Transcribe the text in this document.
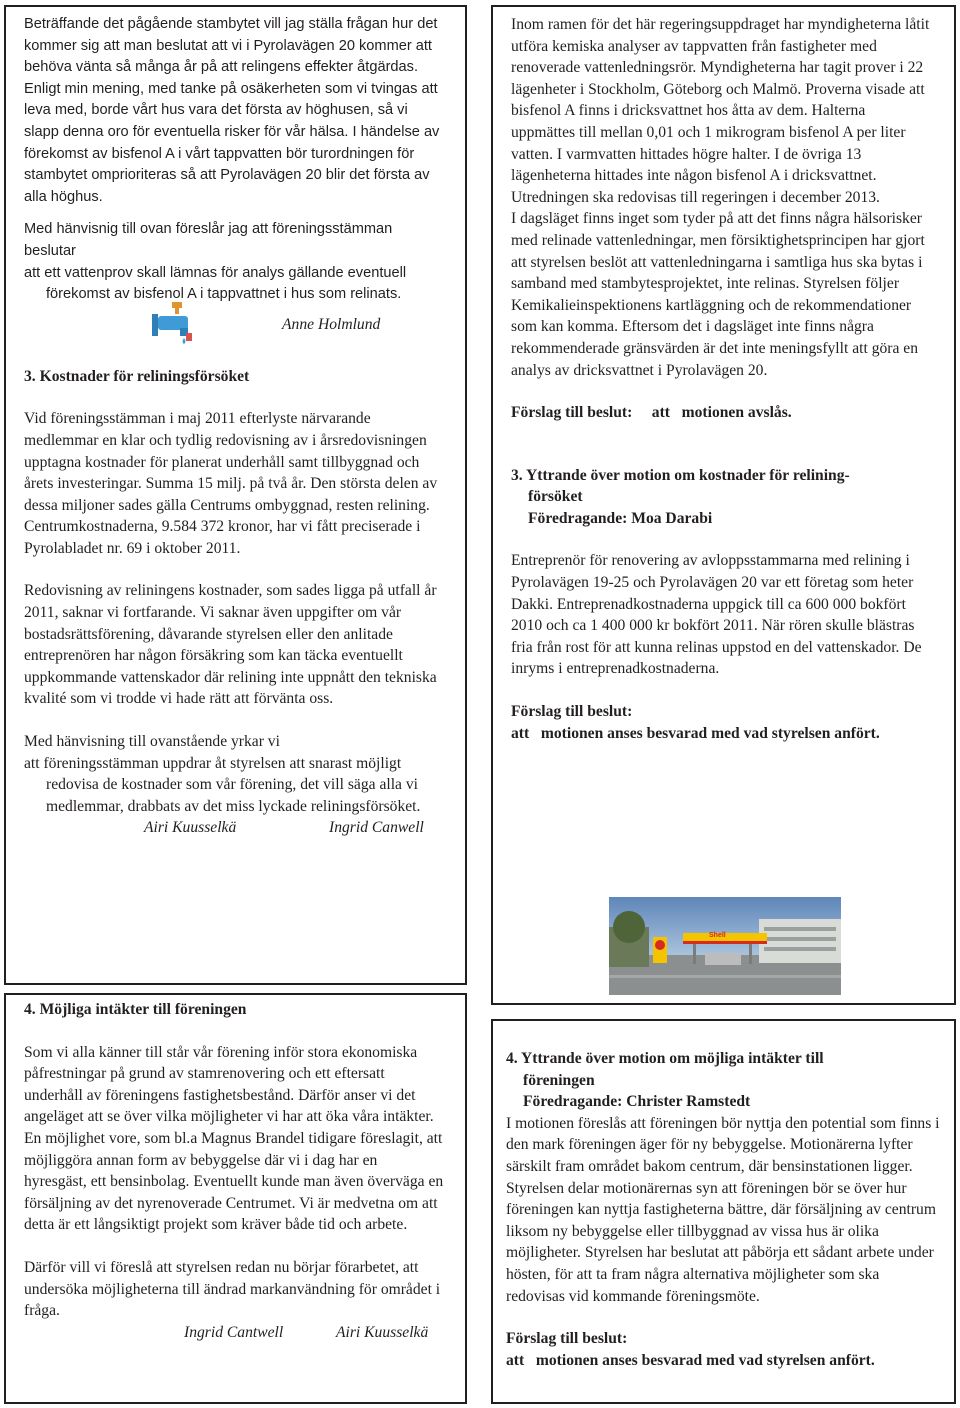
Beträffande det pågående stambytet vill jag ställa frågan hur det kommer sig att man beslutat att vi i Pyrolavägen 20 kommer att behöva vänta så många år på att relingens effekter åtgärdas. Enligt min mening, med tanke på osäkerheten som vi tvingas att leva med, borde vårt hus vara det första av höghusen, så vi slapp denna oro för eventuella risker för vår hälsa. I händelse av förekomst av bisfenol A i vårt tappvatten bör turordningen för stambytet omprioriteras så att Pyrolavägen 20 blir det första av alla höghus.

Med hänvisnig till ovan föreslår jag att föreningsstämman beslutar

att ett vattenprov skall lämnas för analys gällande eventuell förekomst av bisfenol A i tappvattnet i hus som relinats.

Anne Holmlund

3. Kostnader för reliningsförsöket

Vid föreningsstämman i maj 2011 efterlyste närvarande medlemmar en klar och tydlig redovisning av i årsredovisningen upptagna kostnader för planerat underhåll samt tillbyggnad och årets investeringar. Summa 15 milj. på två år. Den största delen av dessa miljoner sades gälla Centrums ombyggnad, resten relining. Centrumkostnaderna, 9.584 372 kronor, har vi fått preciserade i Pyrolabladet nr. 69 i oktober 2011.

Redovisning av reliningens kostnader, som sades ligga på utfall år 2011, saknar vi fortfarande. Vi saknar även uppgifter om vår bostadsrättsförening, dåvarande styrelsen eller den anlitade entreprenören har någon försäkring som kan täcka eventuellt uppkommande vattenskador där relining inte uppnått den tekniska kvalité som vi trodde vi hade rätt att förvänta oss.

Med hänvisning till ovanstående yrkar vi

att föreningsstämman uppdrar åt styrelsen att snarast möjligt redovisa de kostnader som vår förening, det vill säga alla vi medlemmar, drabbats av det miss lyckade reliningsförsöket.

Airi Kuusselkä	Ingrid Canwell

4. Möjliga intäkter till föreningen

Som vi alla känner till står vår förening inför stora ekonomiska påfrestningar på grund av stamrenovering och ett eftersatt underhåll av föreningens fastighetsbestånd. Därför anser vi det angeläget att se över vilka möjligheter vi har att öka våra intäkter. En möjlighet vore, som bl.a Magnus Brandel tidigare föreslagit, att möjliggöra annan form av bebyggelse där vi i dag har en hyresgäst, ett bensinbolag. Eventuellt kunde man även överväga en försäljning av det nyrenoverade Centrumet. Vi är medvetna om att detta är ett långsiktigt projekt som kräver både tid och arbete.

Därför vill vi föreslå att styrelsen redan nu börjar förarbetet, att undersöka möjligheterna till ändrad markanvändning för området i fråga.

Ingrid Cantwell	Airi Kuusselkä

Inom ramen för det här regeringsuppdraget har myndigheterna låtit utföra kemiska analyser av tappvatten från fastigheter med renoverade vattenledningsrör. Myndigheterna har tagit prover i 22 lägenheter i Stockholm, Göteborg och Malmö. Proverna visade att bisfenol A finns i dricksvattnet hos åtta av dem. Halterna uppmättes till mellan 0,01 och 1 mikrogram bisfenol A per liter vatten. I varmvatten hittades högre halter. I de övriga 13 lägenheterna hittades inte någon bisfenol A i dricksvattnet. Utredningen ska redovisas till regeringen i december 2013.

I dagsläget finns inget som tyder på att det finns några hälsorisker med relinade vattenledningar, men försiktighetsprincipen har gjort att styrelsen beslöt att vattenledningarna i samtliga hus ska bytas i samband med stambytesprojektet, inte relinas. Styrelsen följer Kemikalieinspektionens kartläggning och de rekommendationer som kan komma. Eftersom det i dagsläget inte finns några rekommenderade gränsvärden är det inte meningsfyllt att göra en analys av dricksvattnet i Pyrolavägen 20.

Förslag till beslut:     att   motionen avslås.

3. Yttrande över motion om kostnader för relining-

försöket

Föredragande: Moa Darabi

Entreprenör för renovering av avloppsstammarna med relining i Pyrolavägen 19-25 och Pyrolavägen 20 var ett företag som heter Dakki. Entreprenadkostnaderna uppgick till ca 600 000 bokfört 2010 och ca 1 400 000 kr bokfört 2011. När rören skulle blästras fria från rost för att kunna relinas uppstod en del vattenskador. De inryms i entreprenadkostnaderna.

Förslag till beslut:

att   motionen anses besvarad med vad styrelsen anfört.

Shell

4. Yttrande över motion om möjliga intäkter till

föreningen

Föredragande: Christer Ramstedt

I motionen föreslås att föreningen bör nyttja den potential som finns i den mark föreningen äger för ny bebyggelse. Motionärerna lyfter särskilt fram området bakom centrum, där bensinstationen ligger. Styrelsen delar motionärernas syn att föreningen bör se över hur föreningen kan nyttja fastigheterna bättre, där försäljning av centrum liksom ny bebyggelse eller tillbyggnad av vissa hus är olika möjligheter. Styrelsen har beslutat att påbörja ett sådant arbete under hösten, för att ta fram några alternativa möjligheter som ska redovisas vid kommande föreningsmöte.

Förslag till beslut:

att   motionen anses besvarad med vad styrelsen anfört.
